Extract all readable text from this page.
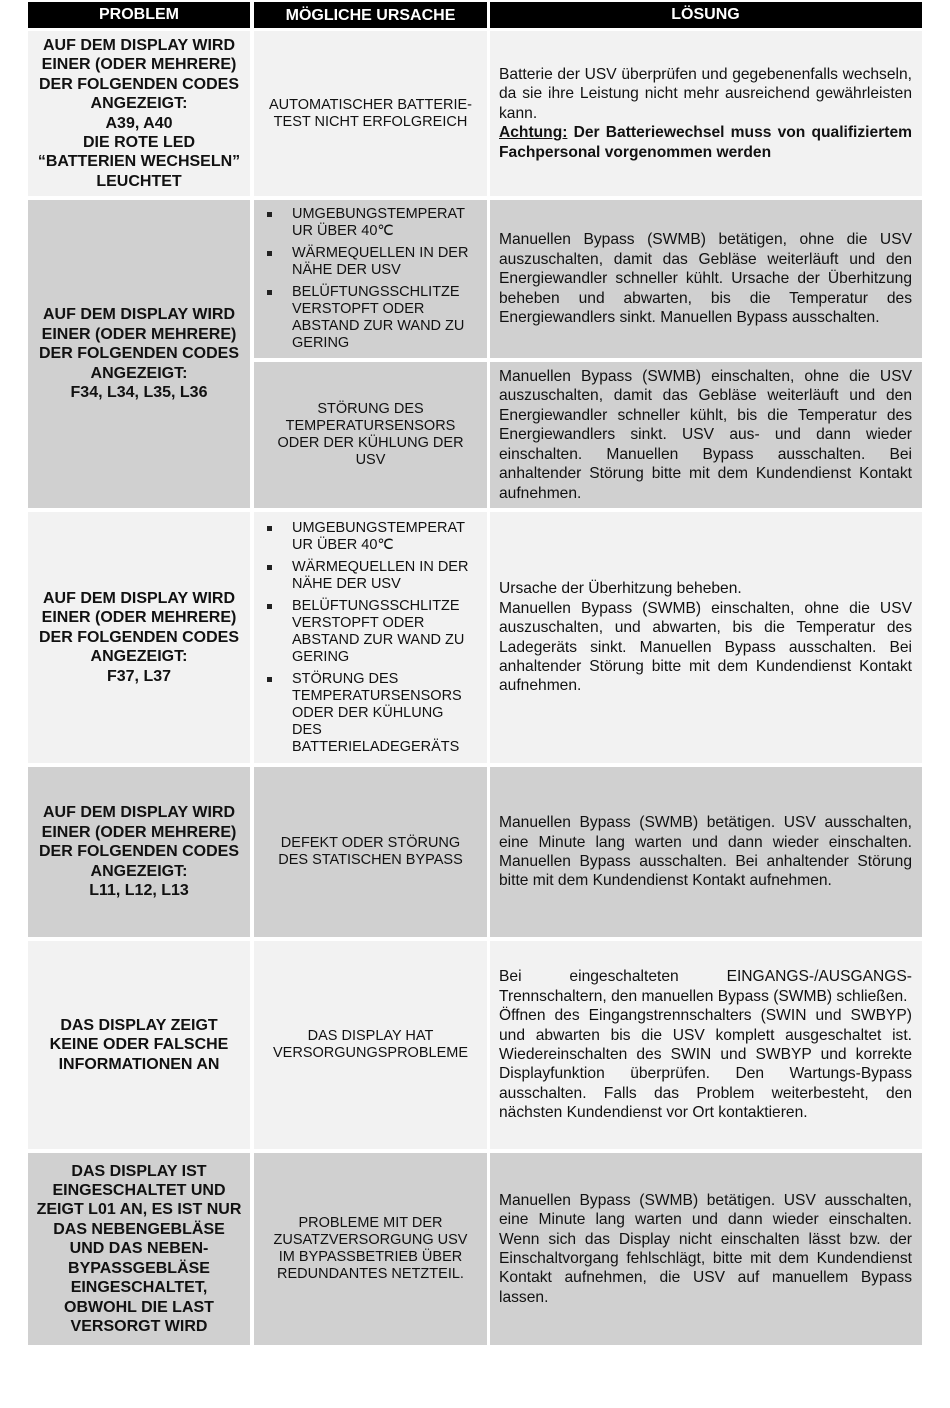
PROBLEM	MÖGLICHE URSACHE	LÖSUNG
AUF DEM DISPLAY WIRD EINER (ODER MEHRERE) DER FOLGENDEN CODES ANGEZEIGT:
A39, A40
DIE ROTE LED “BATTERIEN WECHSELN” LEUCHTET
AUTOMATISCHER BATTERIE-TEST NICHT ERFOLGREICH
Batterie der USV überprüfen und gegebenenfalls wechseln, da sie ihre Leistung nicht mehr ausreichend gewährleisten kann.
Achtung: Der Batteriewechsel muss von qualifiziertem Fachpersonal vorgenommen werden
AUF DEM DISPLAY WIRD EINER (ODER MEHRERE) DER FOLGENDEN CODES ANGEZEIGT:
F34, L34, L35, L36
UMGEBUNGSTEMPERAT UR ÜBER 40℃
WÄRMEQUELLEN IN DER NÄHE DER USV
BELÜFTUNGSSCHLITZE VERSTOPFT ODER ABSTAND ZUR WAND ZU GERING
Manuellen Bypass (SWMB) betätigen, ohne die USV auszuschalten, damit das Gebläse weiterläuft und den Energiewandler schneller kühlt. Ursache der Überhitzung beheben und abwarten, bis die Temperatur des Energiewandlers sinkt. Manuellen Bypass ausschalten.
STÖRUNG DES TEMPERATURSENSORS ODER DER KÜHLUNG DER USV
Manuellen Bypass (SWMB) einschalten, ohne die USV auszuschalten, damit das Gebläse weiterläuft und den Energiewandler schneller kühlt, bis die Temperatur des Energiewandlers sinkt. USV aus- und dann wieder einschalten. Manuellen Bypass ausschalten. Bei anhaltender Störung bitte mit dem Kundendienst Kontakt aufnehmen.
AUF DEM DISPLAY WIRD EINER (ODER MEHRERE) DER FOLGENDEN CODES ANGEZEIGT:
F37, L37
UMGEBUNGSTEMPERAT UR ÜBER 40℃
WÄRMEQUELLEN IN DER NÄHE DER USV
BELÜFTUNGSSCHLITZE VERSTOPFT ODER ABSTAND ZUR WAND ZU GERING
STÖRUNG DES TEMPERATURSENSORS ODER DER KÜHLUNG DES BATTERIELADEGERÄTS
Ursache der Überhitzung beheben.
Manuellen Bypass (SWMB) einschalten, ohne die USV auszuschalten, und abwarten, bis die Temperatur des Ladegeräts sinkt. Manuellen Bypass ausschalten. Bei anhaltender Störung bitte mit dem Kundendienst Kontakt aufnehmen.
AUF DEM DISPLAY WIRD EINER (ODER MEHRERE) DER FOLGENDEN CODES ANGEZEIGT:
L11, L12, L13
DEFEKT ODER STÖRUNG DES STATISCHEN BYPASS
Manuellen Bypass (SWMB) betätigen. USV ausschalten, eine Minute lang warten und dann wieder einschalten. Manuellen Bypass ausschalten. Bei anhaltender Störung bitte mit dem Kundendienst Kontakt aufnehmen.
DAS DISPLAY ZEIGT KEINE ODER FALSCHE INFORMATIONEN AN
DAS DISPLAY HAT VERSORGUNGSPROBLEME
Bei eingeschalteten EINGANGS-/AUSGANGS-Trennschaltern, den manuellen Bypass (SWMB) schließen.
Öffnen des Eingangstrennschalters (SWIN und SWBYP) und abwarten bis die USV komplett ausgeschaltet ist. Wiedereinschalten des SWIN und SWBYP und korrekte Displayfunktion überprüfen. Den Wartungs-Bypass ausschalten. Falls das Problem weiterbesteht, den nächsten Kundendienst vor Ort kontaktieren.
DAS DISPLAY IST EINGESCHALTET UND ZEIGT L01 AN, ES IST NUR DAS NEBENGEBLÄSE UND DAS NEBEN-BYPASSGEBLÄSE EINGESCHALTET, OBWOHL DIE LAST VERSORGT WIRD
PROBLEME MIT DER ZUSATZVERSORGUNG USV IM BYPASSBETRIEB ÜBER REDUNDANTES NETZTEIL.
Manuellen Bypass (SWMB) betätigen. USV ausschalten, eine Minute lang warten und dann wieder einschalten. Wenn sich das Display nicht einschalten lässt bzw. der Einschaltvorgang fehlschlägt, bitte mit dem Kundendienst Kontakt aufnehmen, die USV auf manuellem Bypass lassen.
